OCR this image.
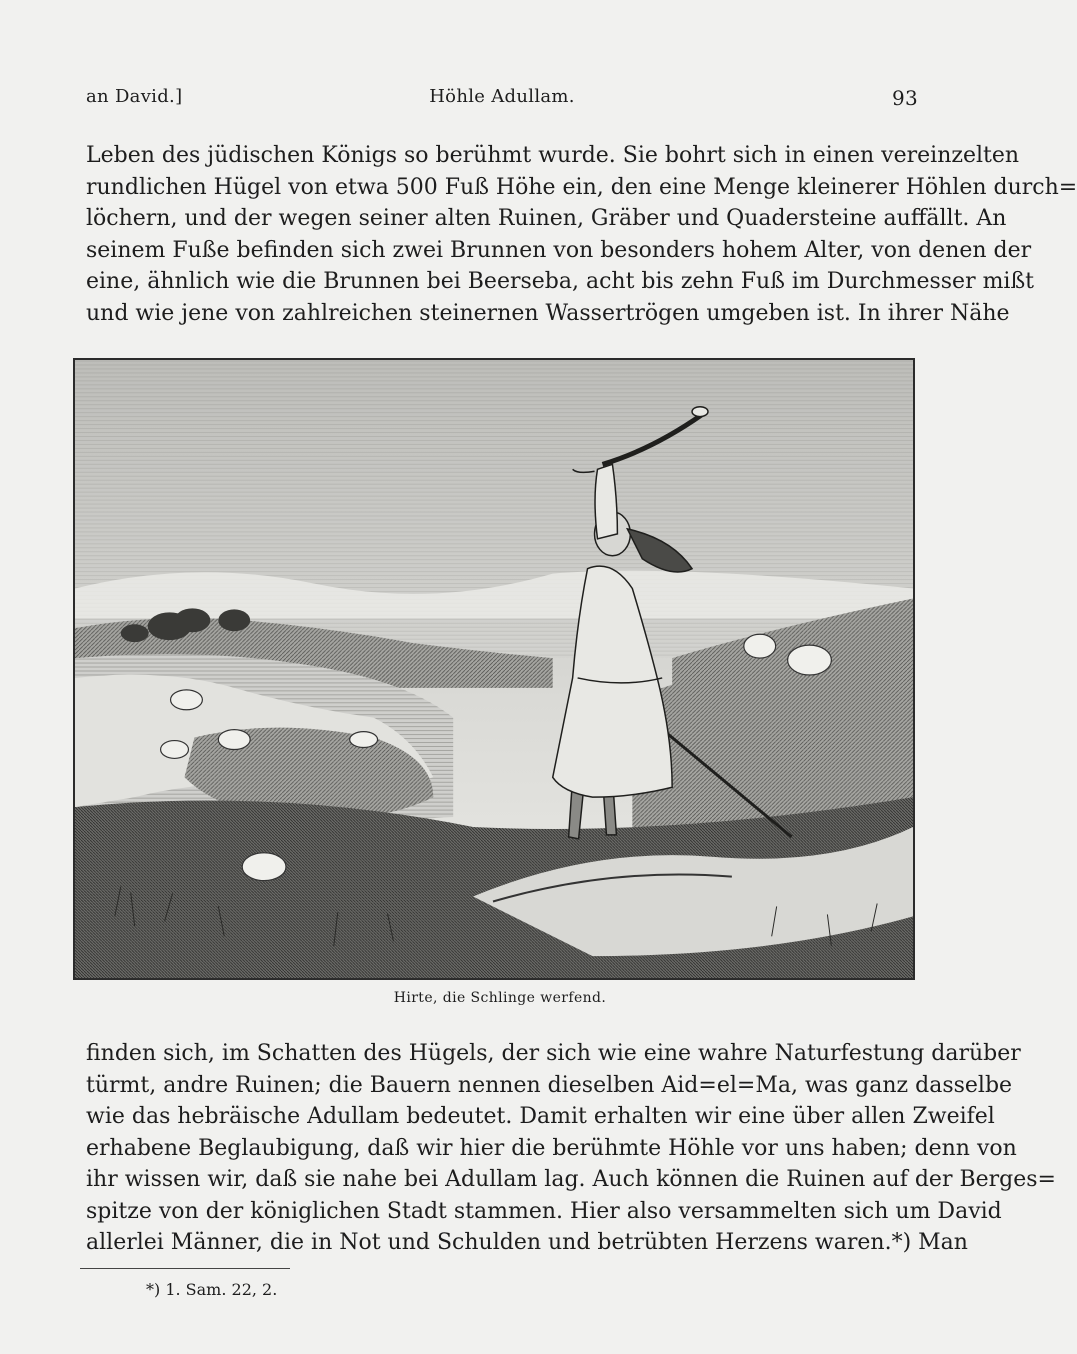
an David.]	Höhle Adullam.	93
Leben des jüdischen Königs so berühmt wurde. Sie bohrt sich in einen vereinzelten
rundlichen Hügel von etwa 500 Fuß Höhe ein, den eine Menge kleinerer Höhlen durch=
löchern, und der wegen seiner alten Ruinen, Gräber und Quadersteine auffällt. An
seinem Fuße befinden sich zwei Brunnen von besonders hohem Alter, von denen der
eine, ähnlich wie die Brunnen bei Beerseba, acht bis zehn Fuß im Durchmesser mißt
und wie jene von zahlreichen steinernen Wassertrögen umgeben ist. In ihrer Nähe
Hirte, die Schlinge werfend.
finden sich, im Schatten des Hügels, der sich wie eine wahre Naturfestung darüber
türmt, andre Ruinen; die Bauern nennen dieselben Aid=el=Ma, was ganz dasselbe
wie das hebräische Adullam bedeutet. Damit erhalten wir eine über allen Zweifel
erhabene Beglaubigung, daß wir hier die berühmte Höhle vor uns haben; denn von
ihr wissen wir, daß sie nahe bei Adullam lag. Auch können die Ruinen auf der Berges=
spitze von der königlichen Stadt stammen. Hier also versammelten sich um David
allerlei Männer, die in Not und Schulden und betrübten Herzens waren.*) Man
*) 1. Sam. 22, 2.
